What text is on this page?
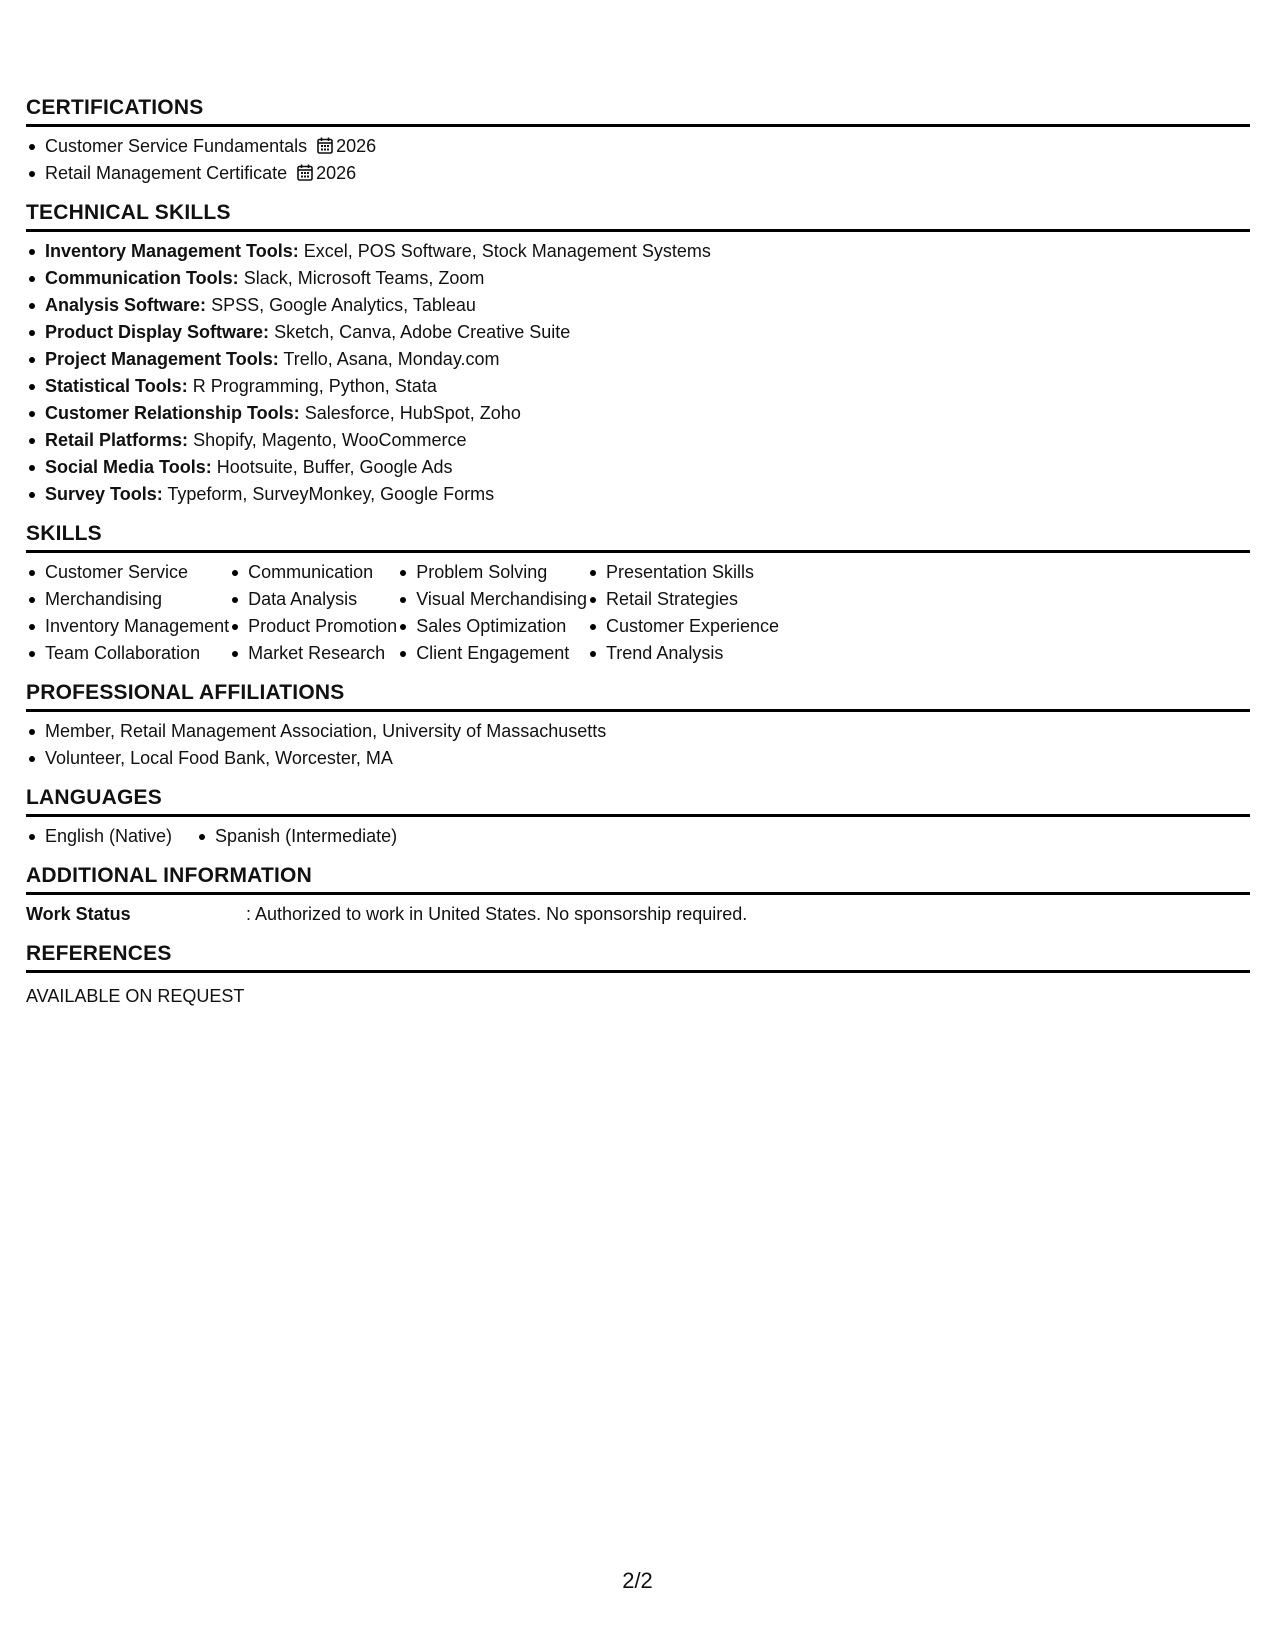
CERTIFICATIONS
Customer Service Fundamentals 2026
Retail Management Certificate 2026
TECHNICAL SKILLS
Inventory Management Tools: Excel, POS Software, Stock Management Systems
Communication Tools: Slack, Microsoft Teams, Zoom
Analysis Software: SPSS, Google Analytics, Tableau
Product Display Software: Sketch, Canva, Adobe Creative Suite
Project Management Tools: Trello, Asana, Monday.com
Statistical Tools: R Programming, Python, Stata
Customer Relationship Tools: Salesforce, HubSpot, Zoho
Retail Platforms: Shopify, Magento, WooCommerce
Social Media Tools: Hootsuite, Buffer, Google Ads
Survey Tools: Typeform, SurveyMonkey, Google Forms
SKILLS
Customer Service
Merchandising
Inventory Management
Team Collaboration
Communication
Data Analysis
Product Promotion
Market Research
Problem Solving
Visual Merchandising
Sales Optimization
Client Engagement
Presentation Skills
Retail Strategies
Customer Experience
Trend Analysis
PROFESSIONAL AFFILIATIONS
Member, Retail Management Association, University of Massachusetts
Volunteer, Local Food Bank, Worcester, MA
LANGUAGES
English (Native)	Spanish (Intermediate)
ADDITIONAL INFORMATION
Work Status	: Authorized to work in United States. No sponsorship required.
REFERENCES
AVAILABLE ON REQUEST
2/2
